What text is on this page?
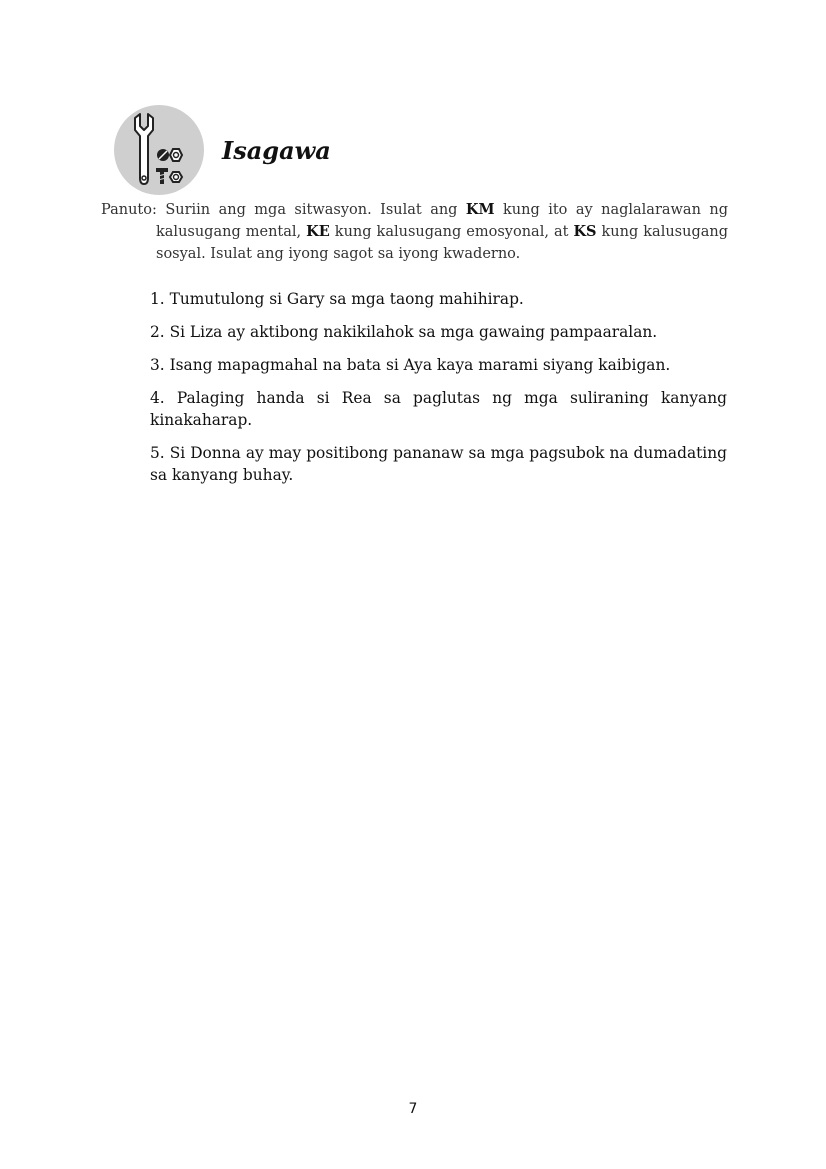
Isagawa

Panuto: Suriin ang mga sitwasyon. Isulat ang KM kung ito ay naglalarawan ng kalusugang mental, KE kung kalusugang emosyonal, at KS kung kalusugang sosyal. Isulat ang iyong sagot sa iyong kwaderno.

1. Tumutulong si Gary sa mga taong mahihirap.
2. Si Liza ay aktibong nakikilahok sa mga gawaing pampaaralan.
3. Isang mapagmahal na bata si Aya kaya marami siyang kaibigan.
4. Palaging handa si Rea sa paglutas ng mga suliraning kanyang kinakaharap.
5. Si Donna ay may positibong pananaw sa mga pagsubok na dumadating sa kanyang buhay.
7
